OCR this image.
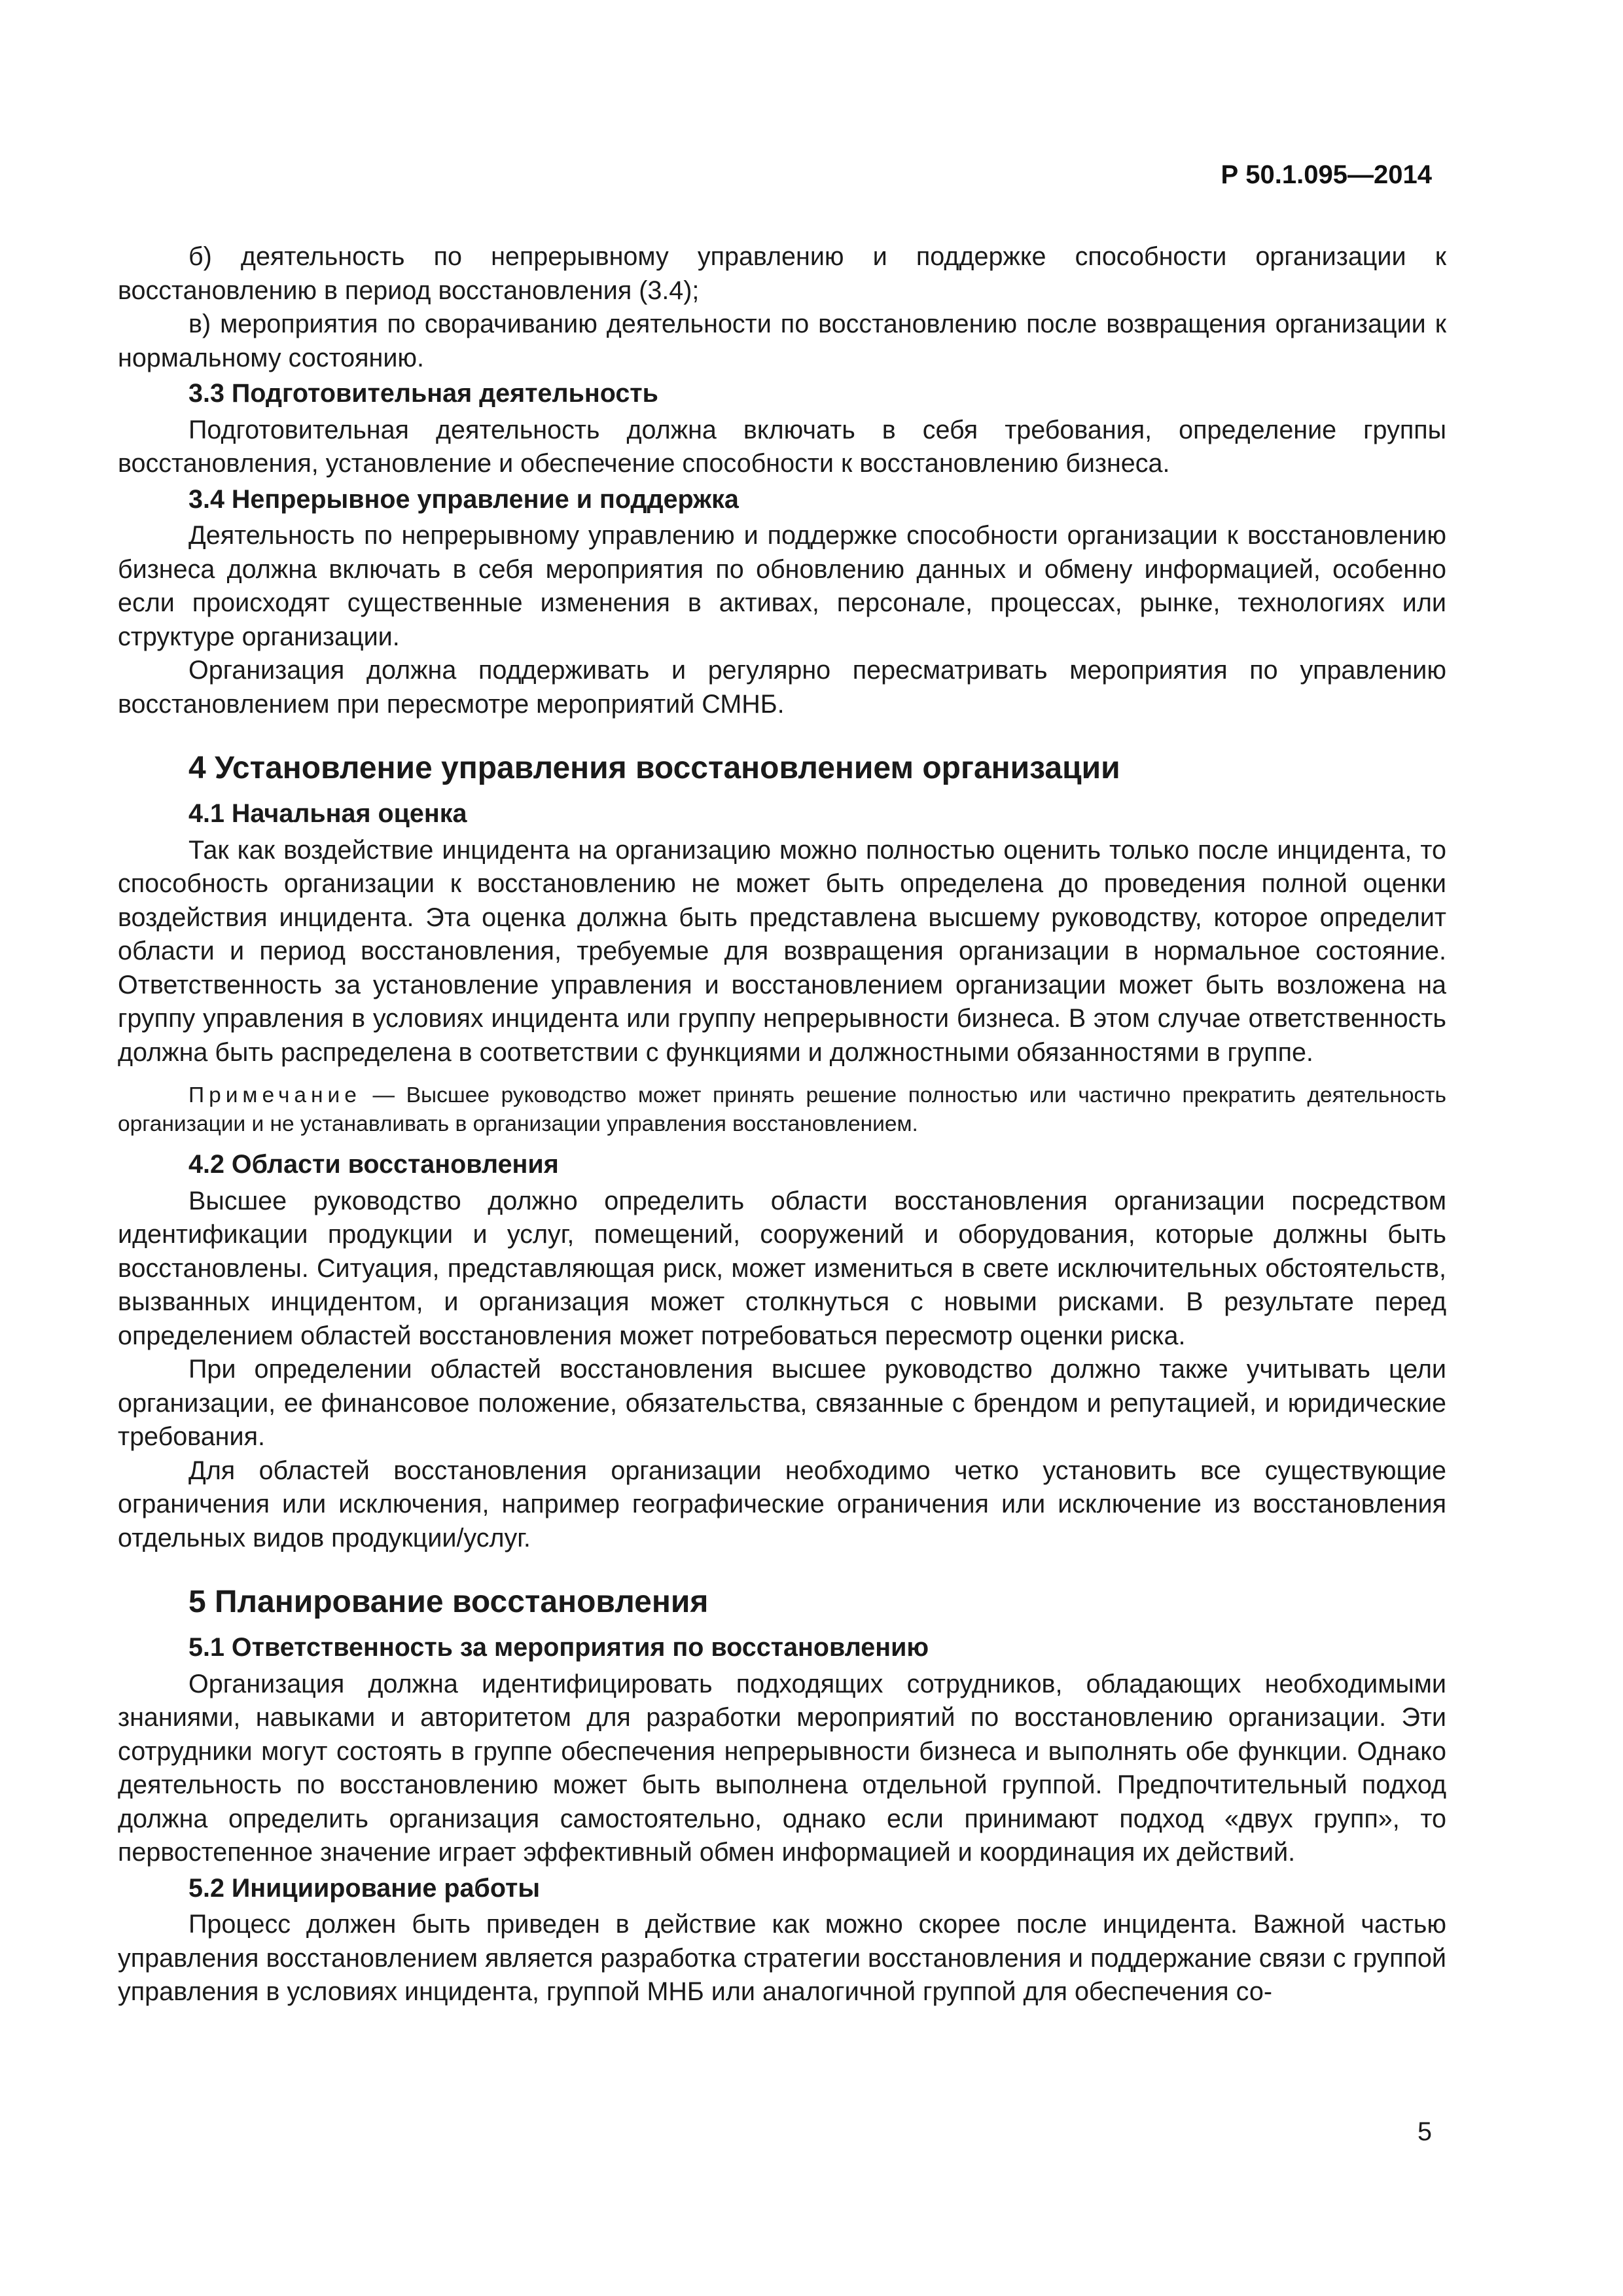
Р 50.1.095—2014

б) деятельность по непрерывному управлению и поддержке способности организации к восстановлению в период восстановления (3.4);

в) мероприятия по сворачиванию деятельности по восстановлению после возвращения организации к нормальному состоянию.

3.3 Подготовительная деятельность

Подготовительная деятельность должна включать в себя требования, определение группы восстановления, установление и обеспечение способности к восстановлению бизнеса.

3.4 Непрерывное управление и поддержка

Деятельность по непрерывному управлению и поддержке способности организации к восстановлению бизнеса должна включать в себя мероприятия по обновлению данных и обмену информацией, особенно если происходят существенные изменения в активах, персонале, процессах, рынке, технологиях или структуре организации.

Организация должна поддерживать и регулярно пересматривать мероприятия по управлению восстановлением при пересмотре мероприятий СМНБ.

4 Установление управления восстановлением организации
4.1 Начальная оценка

Так как воздействие инцидента на организацию можно полностью оценить только после инцидента, то способность организации к восстановлению не может быть определена до проведения полной оценки воздействия инцидента. Эта оценка должна быть представлена высшему руководству, которое определит области и период восстановления, требуемые для возвращения организации в нормальное состояние. Ответственность за установление управления и восстановлением организации может быть возложена на группу управления в условиях инцидента или группу непрерывности бизнеса. В этом случае ответственность должна быть распределена в соответствии с функциями и должностными обязанностями в группе.

Примечание — Высшее руководство может принять решение полностью или частично прекратить деятельность организации и не устанавливать в организации управления восстановлением.

4.2 Области восстановления

Высшее руководство должно определить области восстановления организации посредством идентификации продукции и услуг, помещений, сооружений и оборудования, которые должны быть восстановлены. Ситуация, представляющая риск, может измениться в свете исключительных обстоятельств, вызванных инцидентом, и организация может столкнуться с новыми рисками. В результате перед определением областей восстановления может потребоваться пересмотр оценки риска.

При определении областей восстановления высшее руководство должно также учитывать цели организации, ее финансовое положение, обязательства, связанные с брендом и репутацией, и юридические требования.

Для областей восстановления организации необходимо четко установить все существующие ограничения или исключения, например географические ограничения или исключение из восстановления отдельных видов продукции/услуг.

5 Планирование восстановления
5.1 Ответственность за мероприятия по восстановлению

Организация должна идентифицировать подходящих сотрудников, обладающих необходимыми знаниями, навыками и авторитетом для разработки мероприятий по восстановлению организации. Эти сотрудники могут состоять в группе обеспечения непрерывности бизнеса и выполнять обе функции. Однако деятельность по восстановлению может быть выполнена отдельной группой. Предпочтительный подход должна определить организация самостоятельно, однако если принимают подход «двух групп», то первостепенное значение играет эффективный обмен информацией и координация их действий.

5.2 Инициирование работы

Процесс должен быть приведен в действие как можно скорее после инцидента. Важной частью управления восстановлением является разработка стратегии восстановления и поддержание связи с группой управления в условиях инцидента, группой МНБ или аналогичной группой для обеспечения со-

5
